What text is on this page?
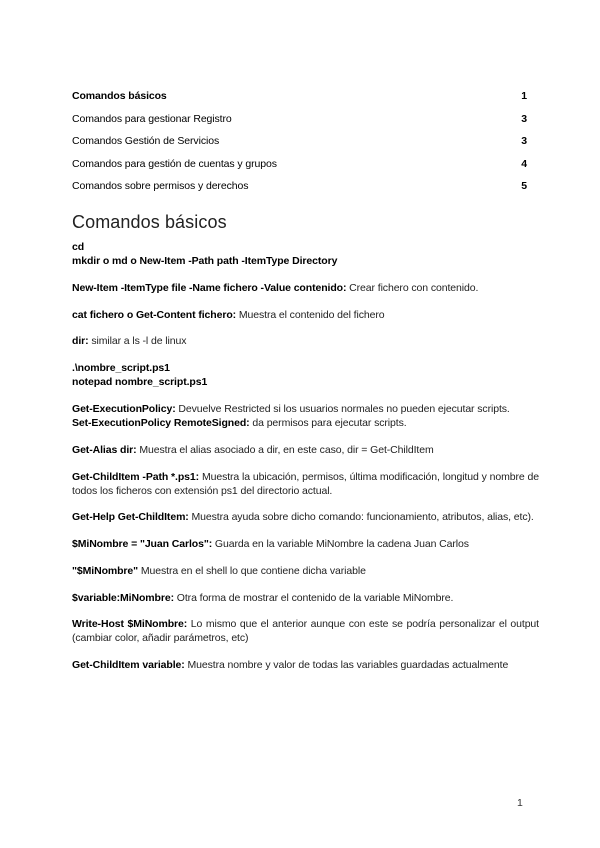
Comandos básicos	1
Comandos para gestionar Registro	3
Comandos Gestión de Servicios	3
Comandos para gestión de cuentas y grupos	4
Comandos sobre permisos y derechos	5
Comandos básicos

cd
mkdir o md o New-Item -Path path -ItemType Directory

New-Item -ItemType file -Name fichero -Value contenido: Crear fichero con contenido.

cat fichero o Get-Content fichero: Muestra el contenido del fichero

dir: similar a ls -l de linux

.\nombre_script.ps1
notepad nombre_script.ps1

Get-ExecutionPolicy: Devuelve Restricted si los usuarios normales no pueden ejecutar scripts.
Set-ExecutionPolicy RemoteSigned: da permisos para ejecutar scripts.

Get-Alias dir: Muestra el alias asociado a dir, en este caso, dir = Get-ChildItem

Get-ChildItem -Path *.ps1: Muestra la ubicación, permisos, última modificación, longitud y nombre de todos los ficheros con extensión ps1 del directorio actual.

Get-Help Get-ChildItem: Muestra ayuda sobre dicho comando: funcionamiento, atributos, alias, etc).

$MiNombre = "Juan Carlos": Guarda en la variable MiNombre la cadena Juan Carlos

"$MiNombre" Muestra en el shell lo que contiene dicha variable

$variable:MiNombre: Otra forma de mostrar el contenido de la variable MiNombre.

Write-Host $MiNombre: Lo mismo que el anterior aunque con este se podría personalizar el output (cambiar color, añadir parámetros, etc)

Get-ChildItem variable: Muestra nombre y valor de todas las variables guardadas actualmente

1
